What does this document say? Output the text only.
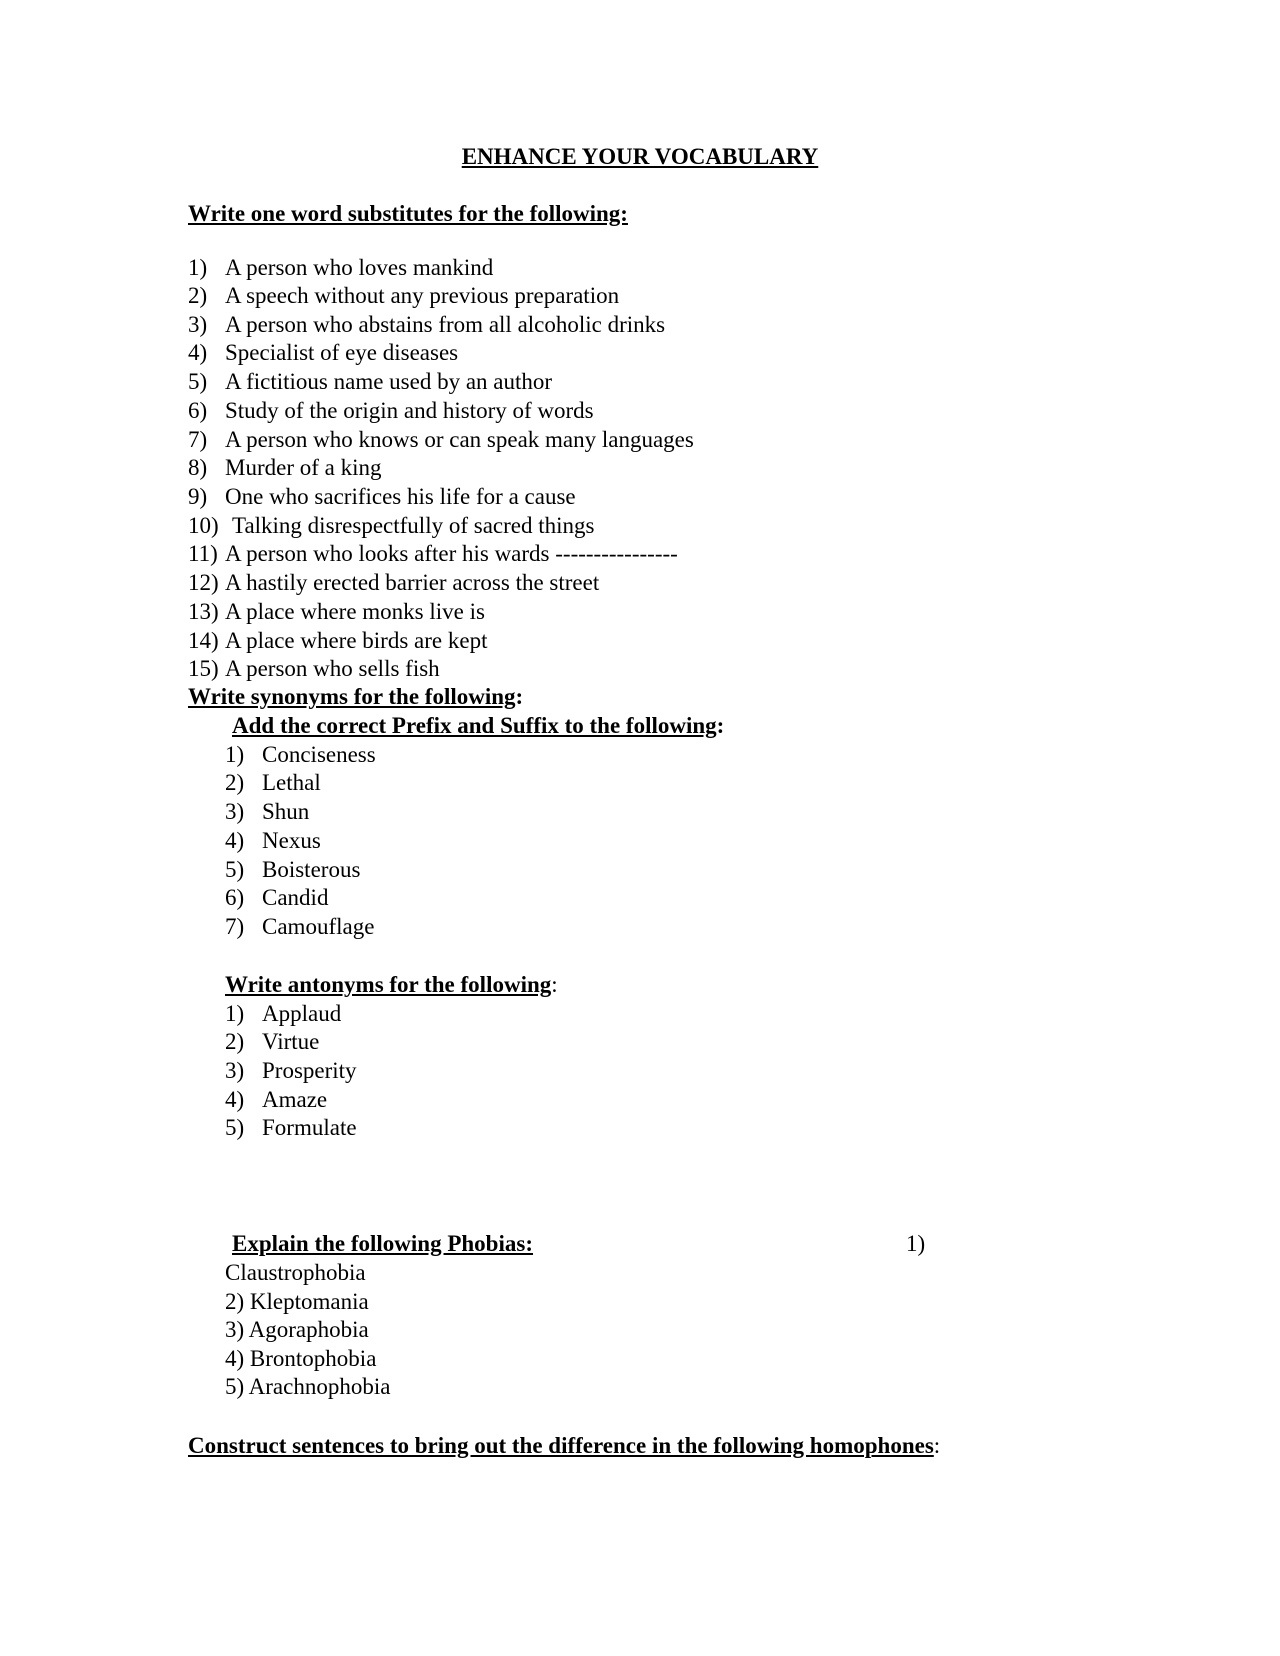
ENHANCE YOUR VOCABULARY
Write one word substitutes for the following:
1) A person who loves mankind
2) A speech without any previous preparation
3) A person who abstains from all alcoholic drinks
4) Specialist of eye diseases
5) A fictitious name used by an author
6) Study of the origin and history of words
7) A person who knows or can speak many languages
8) Murder of a king
9) One who sacrifices his life for a cause
10) Talking disrespectfully of sacred things
11) A person who looks after his wards ----------------
12) A hastily erected barrier across the street
13) A place where monks live is
14) A place where birds are kept
15) A person who sells fish
Write synonyms for the following:
Add the correct Prefix and Suffix to the following:
1) Conciseness
2) Lethal
3) Shun
4) Nexus
5) Boisterous
6) Candid
7) Camouflage
Write antonyms for the following:
1) Applaud
2) Virtue
3) Prosperity
4) Amaze
5) Formulate
Explain the following Phobias:	1)
Claustrophobia
2) Kleptomania
3) Agoraphobia
4) Brontophobia
5) Arachnophobia
Construct sentences to bring out the difference in the following homophones:
